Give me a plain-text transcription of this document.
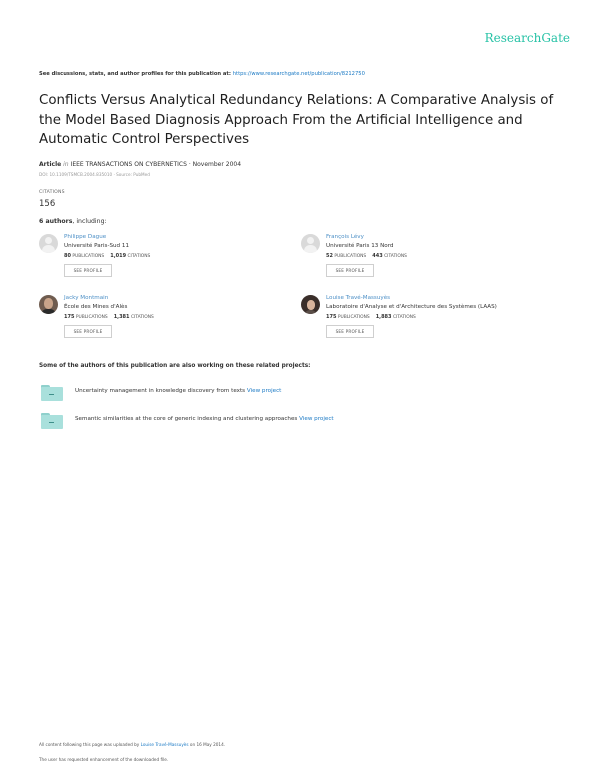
ResearchGate
See discussions, stats, and author profiles for this publication at: https://www.researchgate.net/publication/8212750
Conflicts Versus Analytical Redundancy Relations: A Comparative Analysis of the Model Based Diagnosis Approach From the Artificial Intelligence and Automatic Control Perspectives
Article in IEEE TRANSACTIONS ON CYBERNETICS · November 2004
DOI: 10.1109/TSMCB.2004.835010 · Source: PubMed
CITATIONS
156
6 authors, including:
Philippe Dague
Université Paris-Sud 11
80 PUBLICATIONS 1,019 CITATIONS
SEE PROFILE
François Lévy
Université Paris 13 Nord
52 PUBLICATIONS 443 CITATIONS
SEE PROFILE
Jacky Montmain
École des Mines d'Alès
175 PUBLICATIONS 1,381 CITATIONS
SEE PROFILE
Louise Travé-Massuyès
Laboratoire d'Analyse et d'Architecture des Systèmes (LAAS)
175 PUBLICATIONS 1,883 CITATIONS
SEE PROFILE
Some of the authors of this publication are also working on these related projects:
Uncertainty management in knowledge discovery from texts View project
Semantic similarities at the core of generic indexing and clustering approaches View project
All content following this page was uploaded by Louise Travé-Massuyès on 16 May 2014.
The user has requested enhancement of the downloaded file.
